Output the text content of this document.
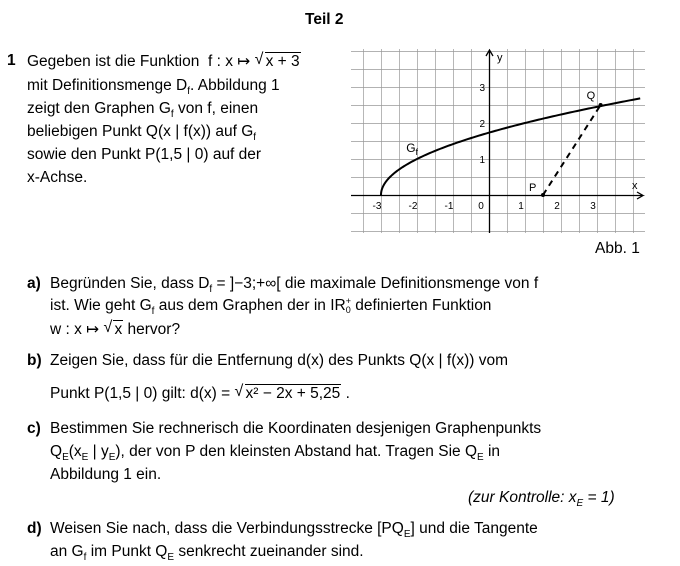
Teil 2
1 Gegeben ist die Funktion f : x ↦ √ x + 3
mit Definitionsmenge $D_f$. Abbildung 1
zeigt den Graphen $G_f$ von f, einen
beliebigen Punkt Q(x | f(x)) auf $G_f$
sowie den Punkt P(1,5 | 0) auf der
x-Achse.
-3	-2	-1 0	1	2	3
1
2
3
P
Q
$G_f$
x
y
Abb. 1
a) Begründen Sie, dass $D_f$ = ]−3;+∞[ die maximale Definitionsmenge von f
ist. Wie geht $G_f$ aus dem Graphen der in IR +
0 definierten Funktion
w : x ↦ √ x hervor?
b) Zeigen Sie, dass für die Entfernung d(x) des Punkts Q(x | f(x)) vom
Punkt P(1,5 | 0) gilt: d(x) = √ x² − 2x + 5,25 .
c) Bestimmen Sie rechnerisch die Koordinaten desjenigen Graphenpunkts
$Q_E(x_E$ | $y_E$), der von P den kleinsten Abstand hat. Tragen Sie $Q_E$ in
Abbildung 1 ein.
(zur Kontrolle: $x_E = 1$)
d) Weisen Sie nach, dass die Verbindungsstrecke $[PQ_E]$ und die Tangente
an $G_f$ im Punkt $Q_E$ senkrecht zueinander sind.
